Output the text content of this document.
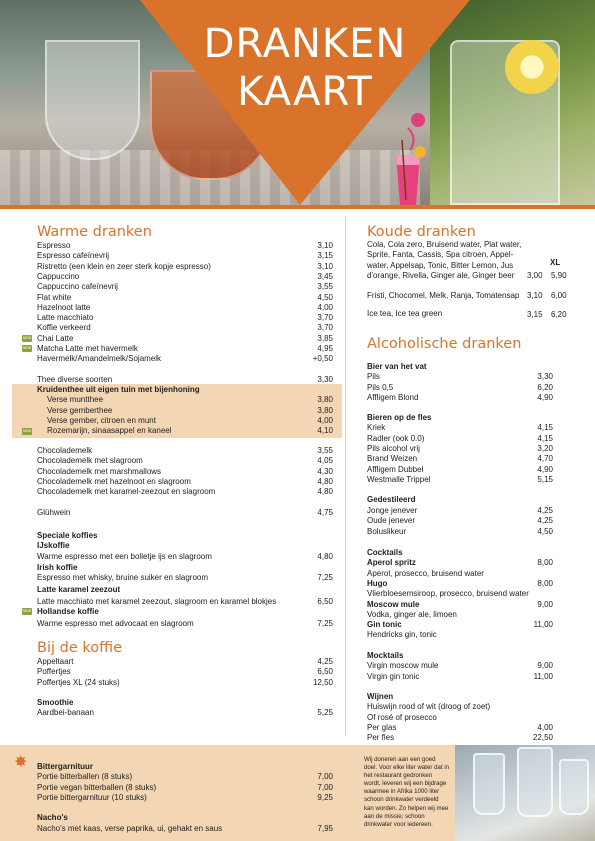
DRANKEN
KAART
Warme dranken
Espresso	3,10
Espresso cafeïnevrij	3,15
Ristretto (een klein en zeer sterk kopje espresso)	3,10
Cappuccino	3,45
Cappuccino cafeïnevrij	3,55
Flat white	4,50
Hazelnoot latte	4,00
Latte macchiato	3,70
Koffie verkeerd	3,70
NEW Chai Latte	3,85
NEW Matcha Latte met havermelk	4,95
Havermelk/Amandelmelk/Sojamelk	+0,50
Thee diverse soorten	3,30
Kruidenthee uit eigen tuin met bijenhoning
Verse muntthee	3,80
Verse gemberthee	3,80
Verse gember, citroen en munt	4,00
NEW Rozemarijn, sinaasappel en kaneel	4,10
Chocolademelk	3,55
Chocolademelk met slagroom	4,05
Chocolademelk met marshmallows	4,30
Chocolademelk met hazelnoot en slagroom	4,80
Chocolademelk met karamel-zeezout en slagroom	4,80
Glühwein	4,75
Speciale koffies
IJskoffie
Warme espresso met een bolletje ijs en slagroom	4,80
Irish koffie
Espresso met whisky, bruine suiker en slagroom	7,25
Latte karamel zeezout
Latte macchiato met karamel zeezout, slagroom en karamel blokjes	6,50
NEW Hollandse koffie
Warme espresso met advocaat en slagroom	7,25
Bij de koffie
Appeltaart	4,25
Poffertjes	6,50
Poffertjes XL (24 stuks)	12,50
Smoothie
Aardbei-banaan	5,25
Koude dranken
Cola, Cola zero, Bruisend water, Plat water,
Sprite, Fanta, Cassis, Spa citroen, Appel-
water, Appelsap, Tonic, Bitter Lemon, Jus
d'orange, Rivella, Ginger ale, Ginger beer
XL
3,00 5,90
Fristi, Chocomel, Melk, Ranja, Tomatensap 3,10 6,00
Ice tea, Ice tea green	3,15 6,20
Alcoholische dranken
Bier van het vat
Pils	3,30
Pils 0,5	6,20
Affligem Blond	4,90
Bieren op de fles
Kriek	4,15
Radler (ook 0.0)	4,15
Pils alcohol vrij	3,20
Brand Weizen	4,70
Affligem Dubbel	4,90
Westmalle Trippel	5,15
Gedestileerd
Jonge jenever	4,25
Oude jenever	4,25
Boluslikeur	4,50
Cocktails
Aperol spritz	8,00
Aperol, prosecco, bruisend water
Hugo	8,00
Vlierbloesemsiroop, prosecco, bruisend water
Moscow mule	9,00
Vodka, ginger ale, limoen
Gin tonic	11,00
Hendricks gin, tonic
Mocktails
Virgin moscow mule	9,00
Virgin gin tonic	11,00
Wijnen
Huiswijn rood of wit (droog of zoet)
Of rosé of prosecco
Per glas	4,00
Per fles	22,50
✸ Bittergarnituur
Portie bitterballen (8 stuks)	7,00
Portie vegan bitterballen (8 stuks)	7,00
Portie bittergarnituur (10 stuks)	9,25
Nacho's
Nacho's met kaas, verse paprika, ui, gehakt en saus	7,95
Wij doneren aan een goed doel. Voor elke liter water dat in het restaurant gedronken wordt, leveren wij een bijdrage waarmee in Afrika 1000 liter schoon drinkwater verdeeld kan worden. Zo helpen wij mee aan de missie; schoon drinkwater voor iedereen.
